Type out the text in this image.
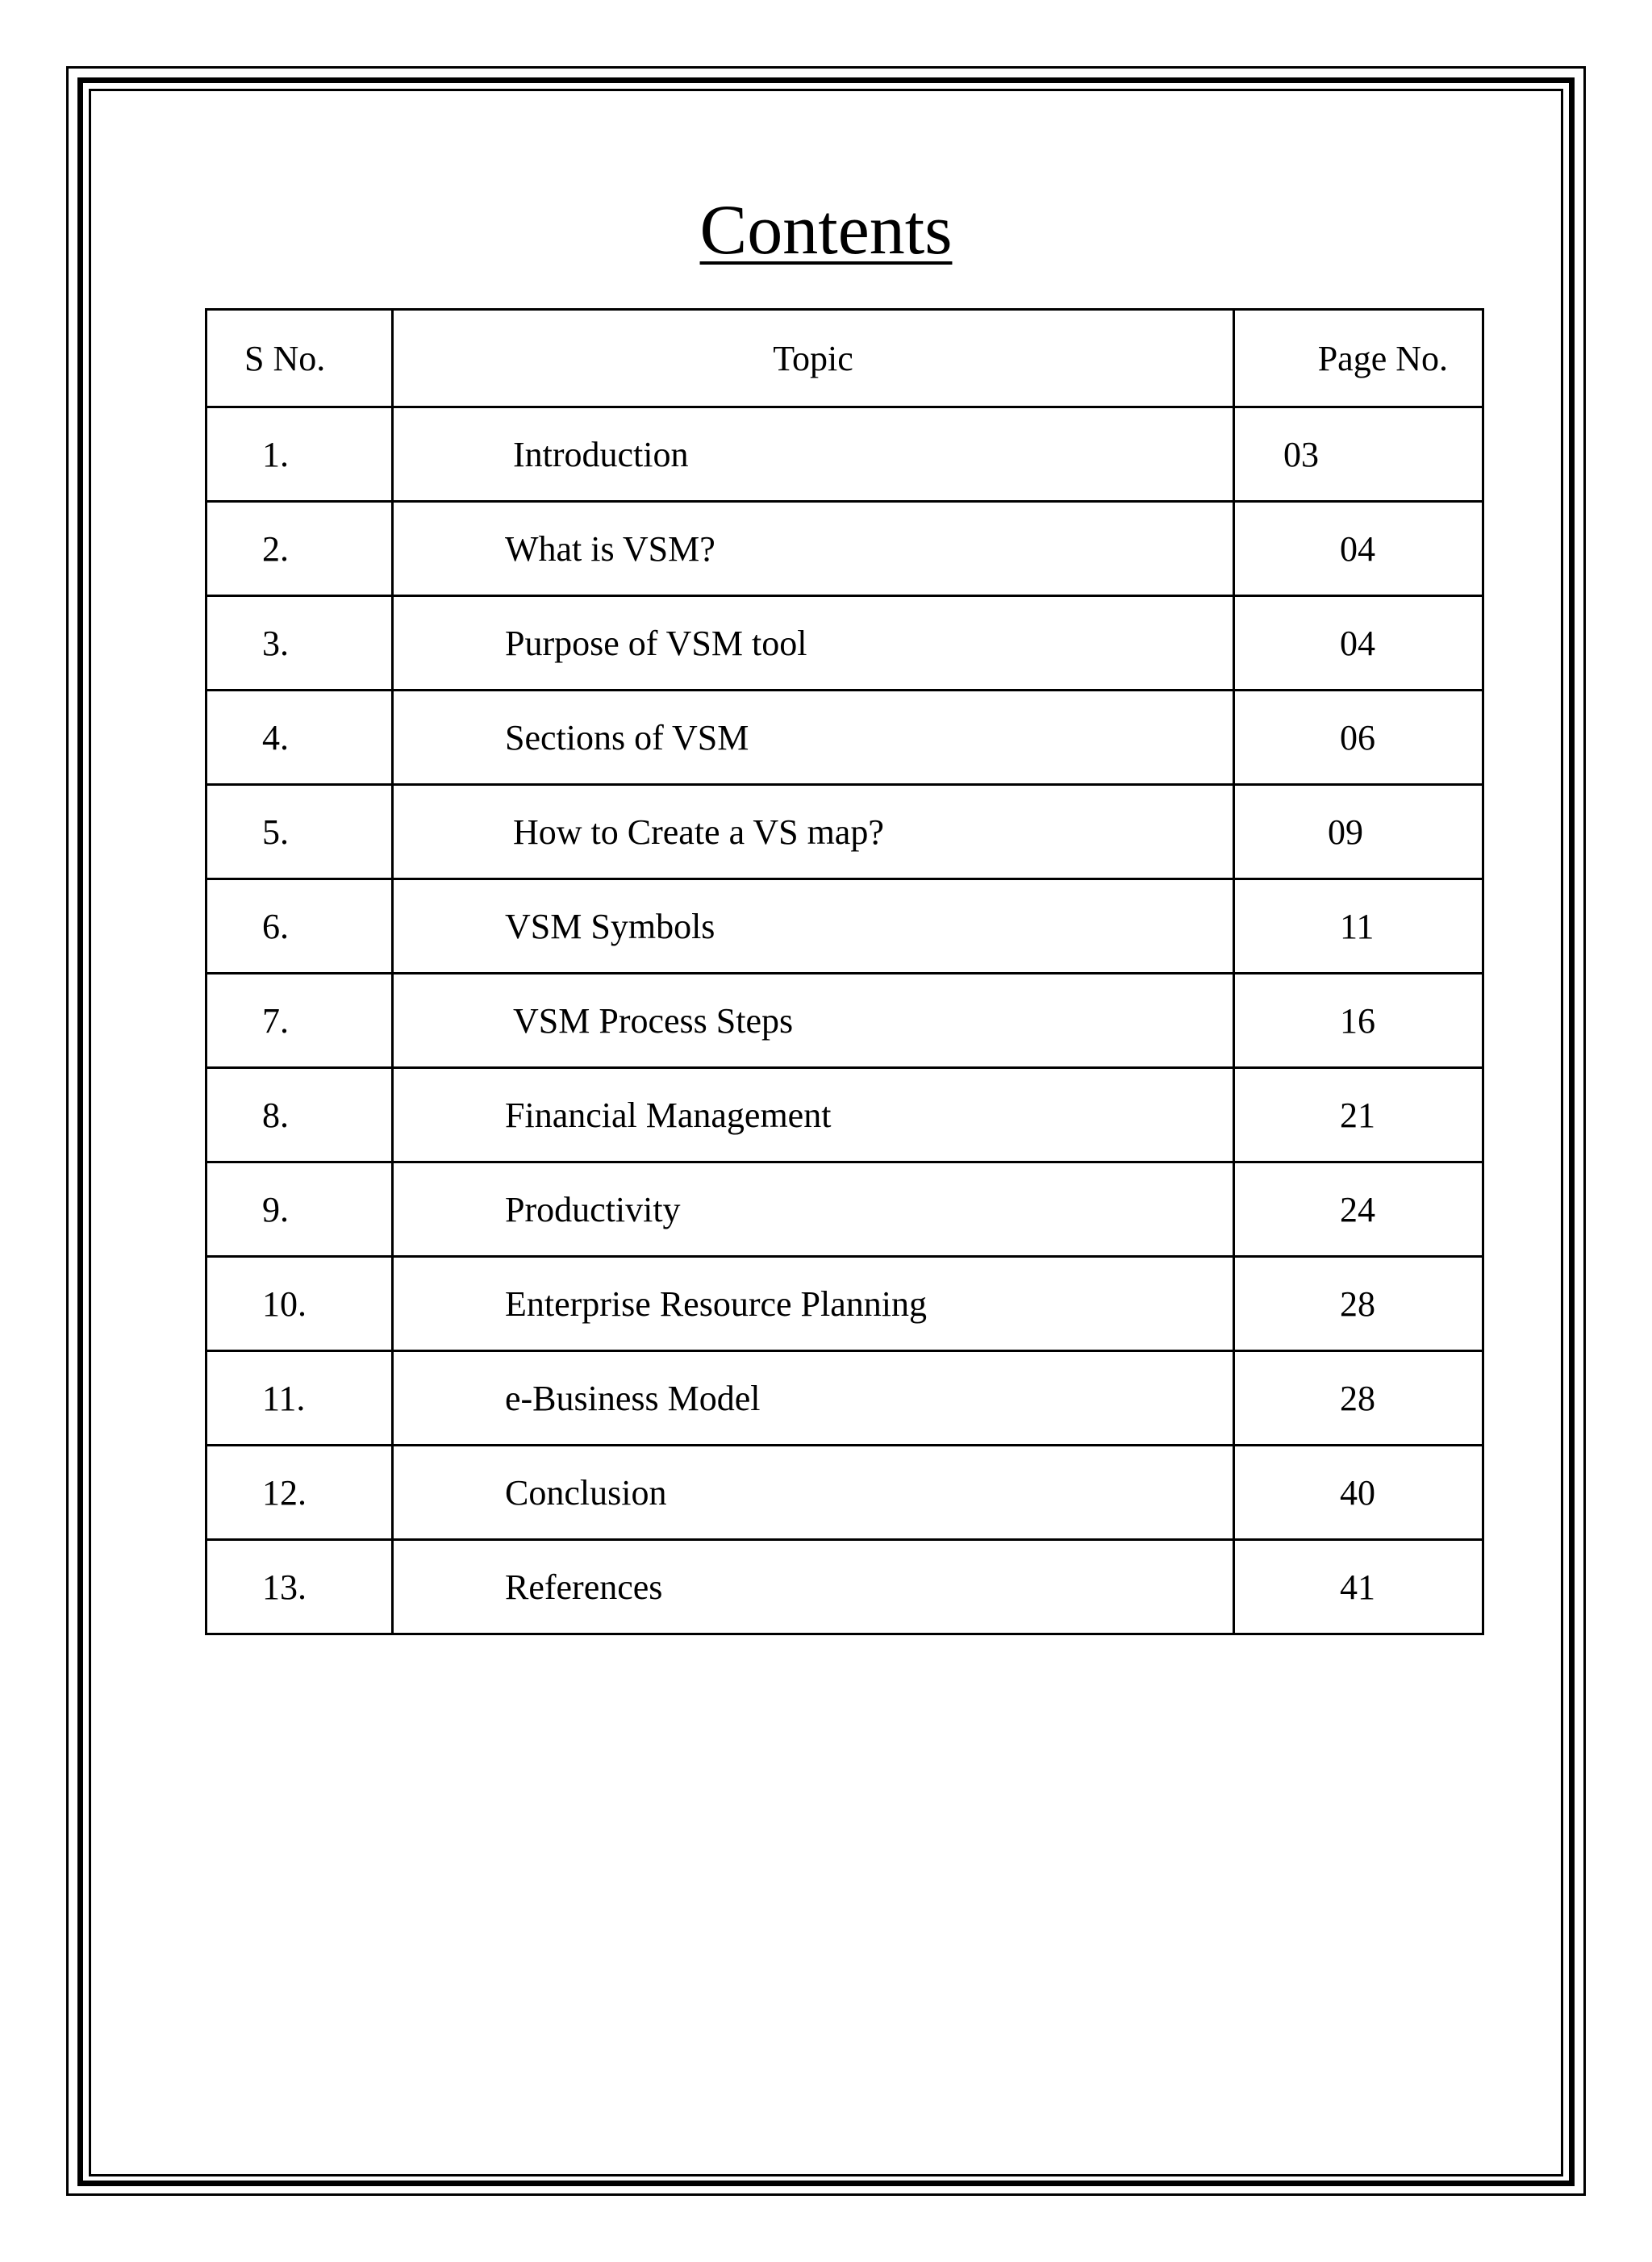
Contents
S No.	Topic	Page No.
1.	Introduction	03
2.	What is VSM?	04
3.	Purpose of VSM tool	04
4.	Sections of VSM	06
5.	How to Create a VS map?	09
6.	VSM Symbols	11
7.	VSM Process Steps	16
8.	Financial Management	21
9.	Productivity	24
10.	Enterprise Resource Planning	28
11.	e-Business Model	28
12.	Conclusion	40
13.	References	41
